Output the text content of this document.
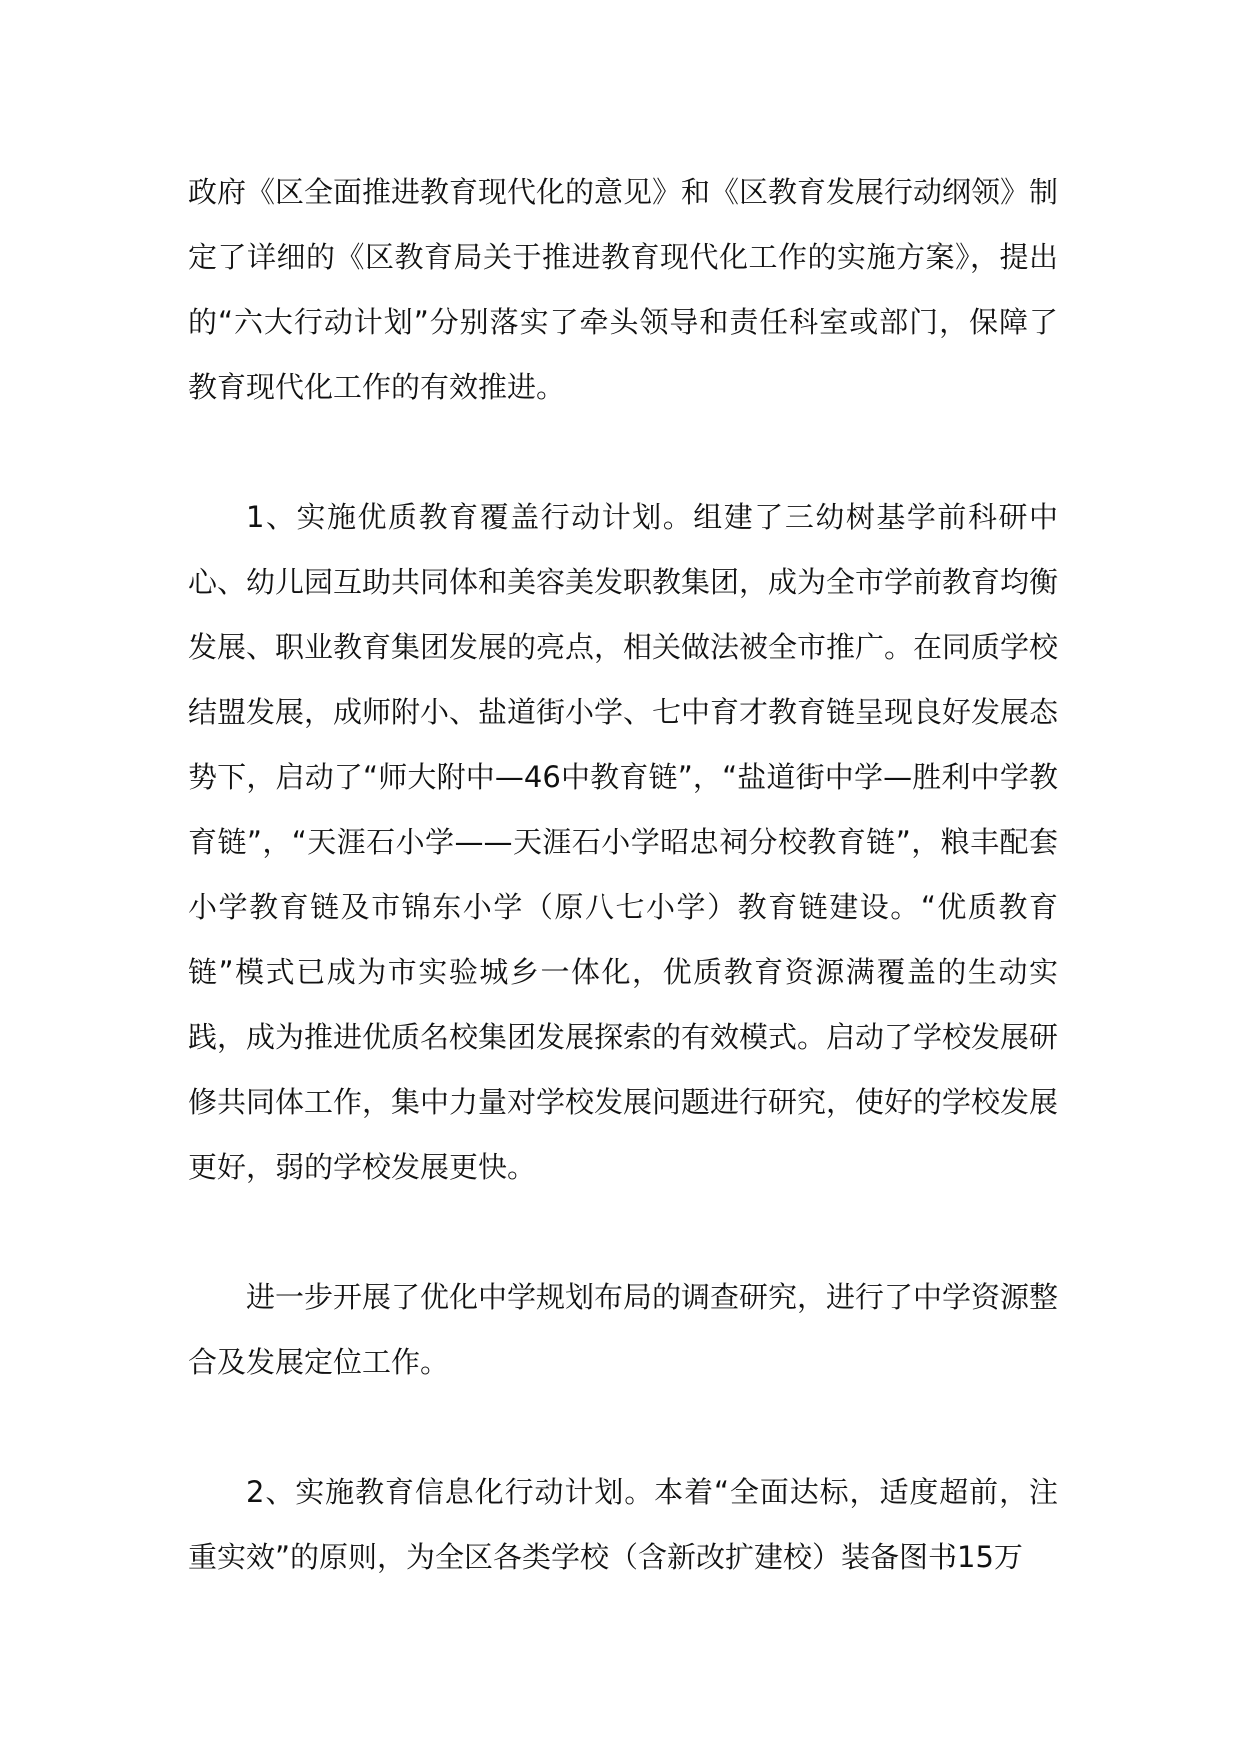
政府《区全面推进教育现代化的意见》和《区教育发展行动纲领》制定了详细的《区教育局关于推进教育现代化工作的实施方案》，提出的“六大行动计划”分别落实了牵头领导和责任科室或部门，保障了教育现代化工作的有效推进。

1、实施优质教育覆盖行动计划。组建了三幼树基学前科研中心、幼儿园互助共同体和美容美发职教集团，成为全市学前教育均衡发展、职业教育集团发展的亮点，相关做法被全市推广。在同质学校结盟发展，成师附小、盐道街小学、七中育才教育链呈现良好发展态势下，启动了“师大附中—46中教育链”，“盐道街中学—胜利中学教育链”，“天涯石小学——天涯石小学昭忠祠分校教育链”，粮丰配套小学教育链及市锦东小学（原八七小学）教育链建设。“优质教育链”模式已成为市实验城乡一体化，优质教育资源满覆盖的生动实践，成为推进优质名校集团发展探索的有效模式。启动了学校发展研修共同体工作，集中力量对学校发展问题进行研究，使好的学校发展更好，弱的学校发展更快。

进一步开展了优化中学规划布局的调查研究，进行了中学资源整合及发展定位工作。

2、实施教育信息化行动计划。本着“全面达标，适度超前，注重实效”的原则，为全区各类学校（含新改扩建校）装备图书15万
